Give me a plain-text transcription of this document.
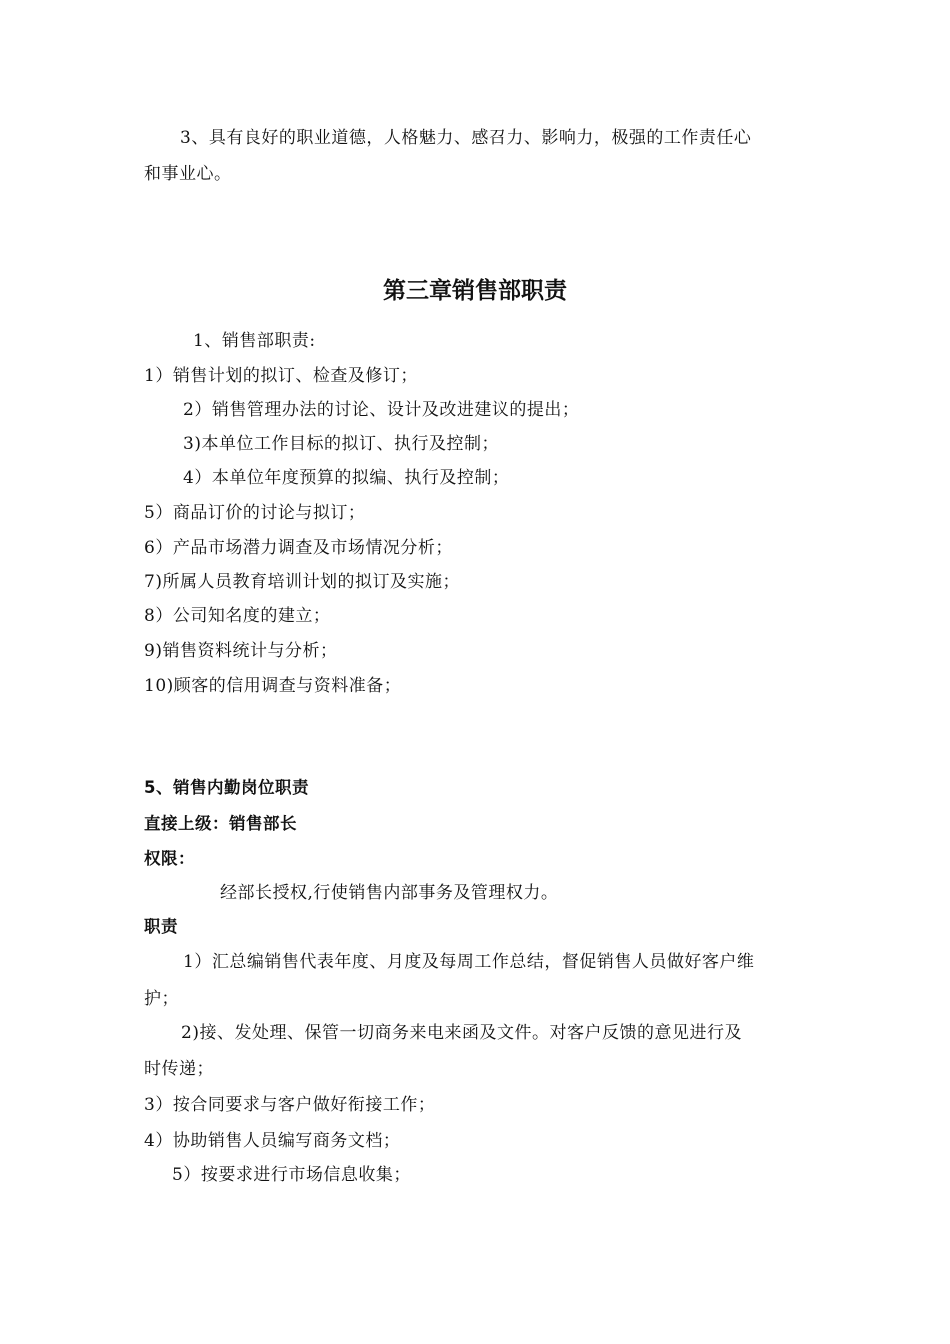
3、具有良好的职业道德，人格魅力、感召力、影响力，极强的工作责任心
和事业心。
第三章销售部职责
1、销售部职责:
1）销售计划的拟订、检查及修订；
2）销售管理办法的讨论、设计及改进建议的提出；
3)本单位工作目标的拟订、执行及控制；
4）本单位年度预算的拟编、执行及控制；
5）商品订价的讨论与拟订；
6）产品市场潜力调查及市场情况分析；
7)所属人员教育培训计划的拟订及实施；
8）公司知名度的建立；
9)销售资料统计与分析；
10)顾客的信用调查与资料准备；
5、销售内勤岗位职责
直接上级：销售部长
权限：
经部长授权,行使销售内部事务及管理权力。
职责
1）汇总编销售代表年度、月度及每周工作总结，督促销售人员做好客户维
护；
2)接、发处理、保管一切商务来电来函及文件。对客户反馈的意见进行及
时传递；
3）按合同要求与客户做好衔接工作；
4）协助销售人员编写商务文档；
5）按要求进行市场信息收集；
